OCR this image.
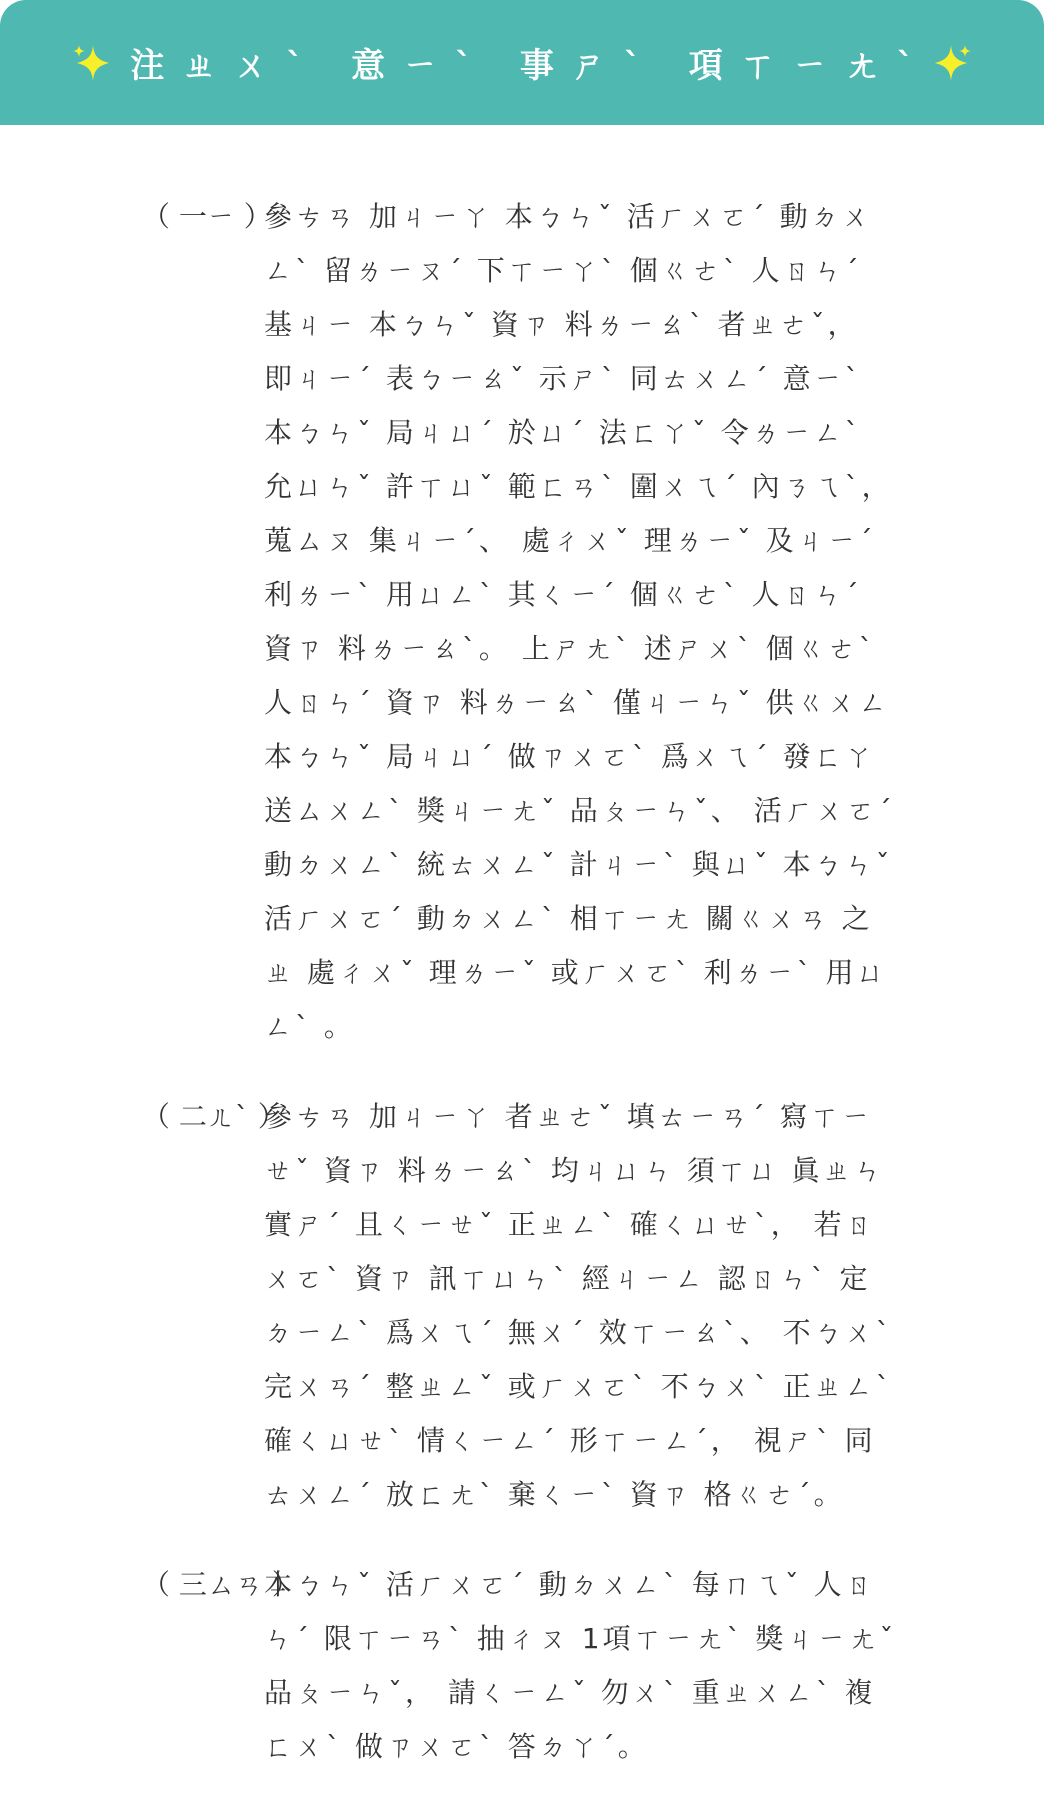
注ㄓㄨˋ 意ㄧˋ 事ㄕˋ 項ㄒㄧㄤˋ
（ 一ㄧ ）
參ㄘㄢ 加ㄐㄧㄚ 本ㄅㄣˇ 活ㄏㄨㄛˊ 動ㄉㄨㄥˋ 留ㄌㄧㄡˊ 下ㄒㄧㄚˋ 個ㄍㄜˋ 人ㄖㄣˊ 基ㄐㄧ 本ㄅㄣˇ 資ㄗ 料ㄌㄧㄠˋ 者ㄓㄜˇ， 即ㄐㄧˊ 表ㄅㄧㄠˇ 示ㄕˋ 同ㄊㄨㄥˊ 意ㄧˋ 本ㄅㄣˇ 局ㄐㄩˊ 於ㄩˊ 法ㄈㄚˇ 令ㄌㄧㄥˋ 允ㄩㄣˇ 許ㄒㄩˇ 範ㄈㄢˋ 圍ㄨㄟˊ 內ㄋㄟˋ， 蒐ㄙㄡ 集ㄐㄧˊ、 處ㄔㄨˇ 理ㄌㄧˇ 及ㄐㄧˊ 利ㄌㄧˋ 用ㄩㄥˋ 其ㄑㄧˊ 個ㄍㄜˋ 人ㄖㄣˊ 資ㄗ 料ㄌㄧㄠˋ。 上ㄕㄤˋ 述ㄕㄨˋ 個ㄍㄜˋ 人ㄖㄣˊ 資ㄗ 料ㄌㄧㄠˋ 僅ㄐㄧㄣˇ 供ㄍㄨㄥ 本ㄅㄣˇ 局ㄐㄩˊ 做ㄗㄨㄛˋ 爲ㄨㄟˊ 發ㄈㄚ 送ㄙㄨㄥˋ 獎ㄐㄧㄤˇ 品ㄆㄧㄣˇ、 活ㄏㄨㄛˊ 動ㄉㄨㄥˋ 統ㄊㄨㄥˇ 計ㄐㄧˋ 與ㄩˇ 本ㄅㄣˇ 活ㄏㄨㄛˊ 動ㄉㄨㄥˋ 相ㄒㄧㄤ 關ㄍㄨㄢ 之ㄓ 處ㄔㄨˇ 理ㄌㄧˇ 或ㄏㄨㄛˋ 利ㄌㄧˋ 用ㄩㄥˋ 。
（ 二ㄦˋ ）
參ㄘㄢ 加ㄐㄧㄚ 者ㄓㄜˇ 填ㄊㄧㄢˊ 寫ㄒㄧㄝˇ 資ㄗ 料ㄌㄧㄠˋ 均ㄐㄩㄣ 須ㄒㄩ 眞ㄓㄣ 實ㄕˊ 且ㄑㄧㄝˇ 正ㄓㄥˋ 確ㄑㄩㄝˋ， 若ㄖㄨㄛˋ 資ㄗ 訊ㄒㄩㄣˋ 經ㄐㄧㄥ 認ㄖㄣˋ 定ㄉㄧㄥˋ 爲ㄨㄟˊ 無ㄨˊ 效ㄒㄧㄠˋ、 不ㄅㄨˋ 完ㄨㄢˊ 整ㄓㄥˇ 或ㄏㄨㄛˋ 不ㄅㄨˋ 正ㄓㄥˋ 確ㄑㄩㄝˋ 情ㄑㄧㄥˊ 形ㄒㄧㄥˊ， 視ㄕˋ 同ㄊㄨㄥˊ 放ㄈㄤˋ 棄ㄑㄧˋ 資ㄗ 格ㄍㄜˊ。
（ 三ㄙㄢ ）
本ㄅㄣˇ 活ㄏㄨㄛˊ 動ㄉㄨㄥˋ 每ㄇㄟˇ 人ㄖㄣˊ 限ㄒㄧㄢˋ 抽ㄔㄡ 1項ㄒㄧㄤˋ 獎ㄐㄧㄤˇ 品ㄆㄧㄣˇ， 請ㄑㄧㄥˇ 勿ㄨˋ 重ㄓㄨㄥˋ 複ㄈㄨˋ 做ㄗㄨㄛˋ 答ㄉㄚˊ。
